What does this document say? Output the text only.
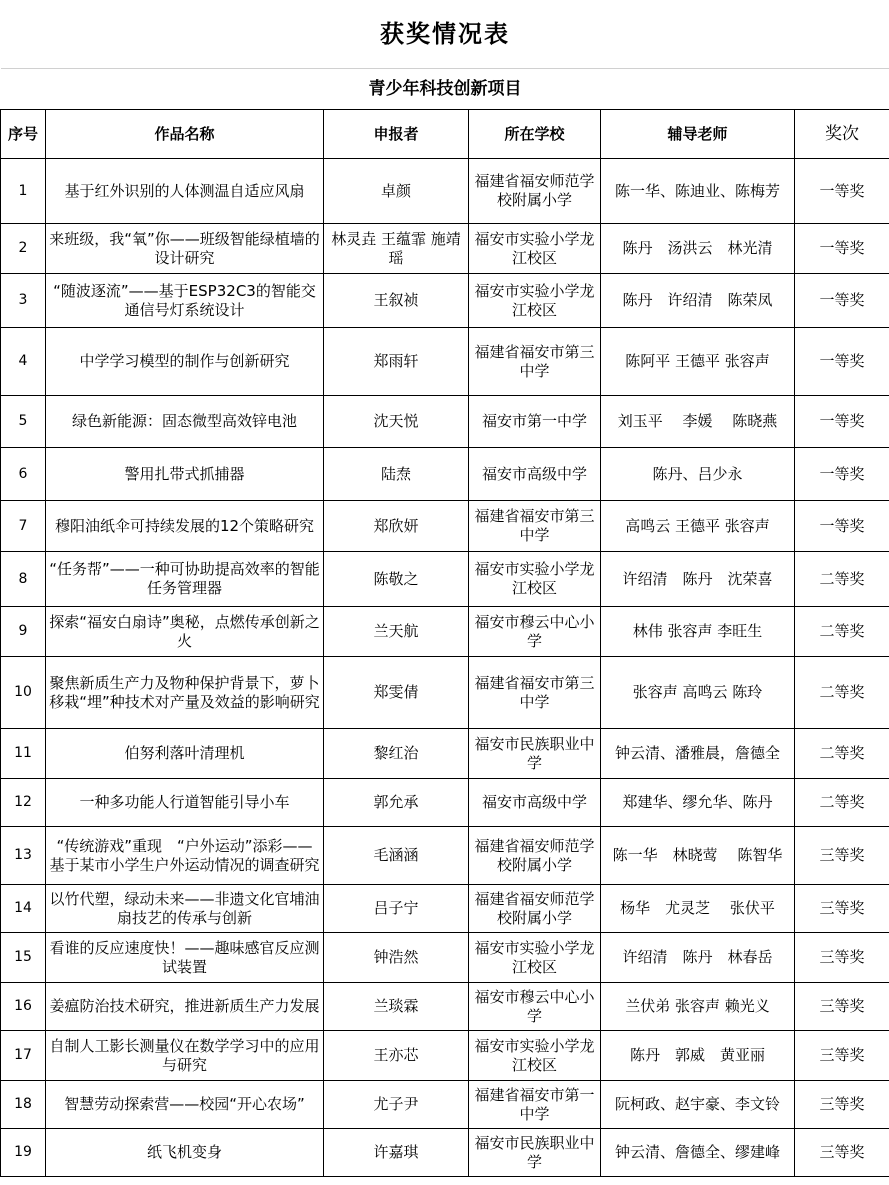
获奖情况表					
青少年科技创新项目					
序号	作品名称	申报者	所在学校	辅导老师	奖次
1	基于红外识别的人体测温自适应风扇	卓颜	福建省福安师范学校附属小学	陈一华、陈迪业、陈梅芳	一等奖
2	来班级，我“氧”你——班级智能绿植墙的设计研究	林灵垚 王蕴霏 施靖瑶	福安市实验小学龙江校区	陈丹　汤洪云　林光清	一等奖
3	“随波逐流”——基于ESP32C3的智能交通信号灯系统设计	王叙祯	福安市实验小学龙江校区	陈丹　许绍清　陈荣凤	一等奖
4	中学学习模型的制作与创新研究	郑雨轩	福建省福安市第三中学	陈阿平 王德平 张容声	一等奖
5	绿色新能源：固态微型高效锌电池	沈天悦	福安市第一中学	刘玉平　 李媛　 陈晓燕	一等奖
6	警用扎带式抓捕器	陆焘	福安市高级中学	陈丹、吕少永	一等奖
7	穆阳油纸伞可持续发展的12个策略研究	郑欣妍	福建省福安市第三中学	高鸣云 王德平 张容声	一等奖
8	“任务帮”——一种可协助提高效率的智能任务管理器	陈敬之	福安市实验小学龙江校区	许绍清　陈丹　沈荣喜	二等奖
9	探索“福安白扇诗”奥秘，点燃传承创新之火	兰天航	福安市穆云中心小学	林伟 张容声 李旺生	二等奖
10	聚焦新质生产力及物种保护背景下，萝卜移栽“埋”种技术对产量及效益的影响研究	郑雯倩	福建省福安市第三中学	张容声 高鸣云 陈玲	二等奖
11	伯努利落叶清理机	黎红治	福安市民族职业中学	钟云清、潘雅晨，詹德全	二等奖
12	一种多功能人行道智能引导小车	郭允承	福安市高级中学	郑建华、缪允华、陈丹	二等奖
13	“传统游戏”重现　“户外运动”添彩——基于某市小学生户外运动情况的调查研究	毛涵涵	福建省福安师范学校附属小学	陈一华　林晓莺　 陈智华	三等奖
14	以竹代塑，绿动未来——非遗文化官埔油扇技艺的传承与创新	吕子宁	福建省福安师范学校附属小学	杨华　尤灵芝　 张伏平	三等奖
15	看谁的反应速度快！——趣味感官反应测试装置	钟浩然	福安市实验小学龙江校区	许绍清　陈丹　林春岳	三等奖
16	姜瘟防治技术研究，推进新质生产力发展	兰琰霖	福安市穆云中心小学	兰伏弟 张容声 赖光义	三等奖
17	自制人工影长测量仪在数学学习中的应用与研究	王亦芯	福安市实验小学龙江校区	陈丹　郭威　黄亚丽	三等奖
18	智慧劳动探索营——校园“开心农场”	尤子尹	福建省福安市第一中学	阮柯政、赵宇豪、李文铃	三等奖
19	纸飞机变身	许嘉琪	福安市民族职业中学	钟云清、詹德全、缪建峰	三等奖
